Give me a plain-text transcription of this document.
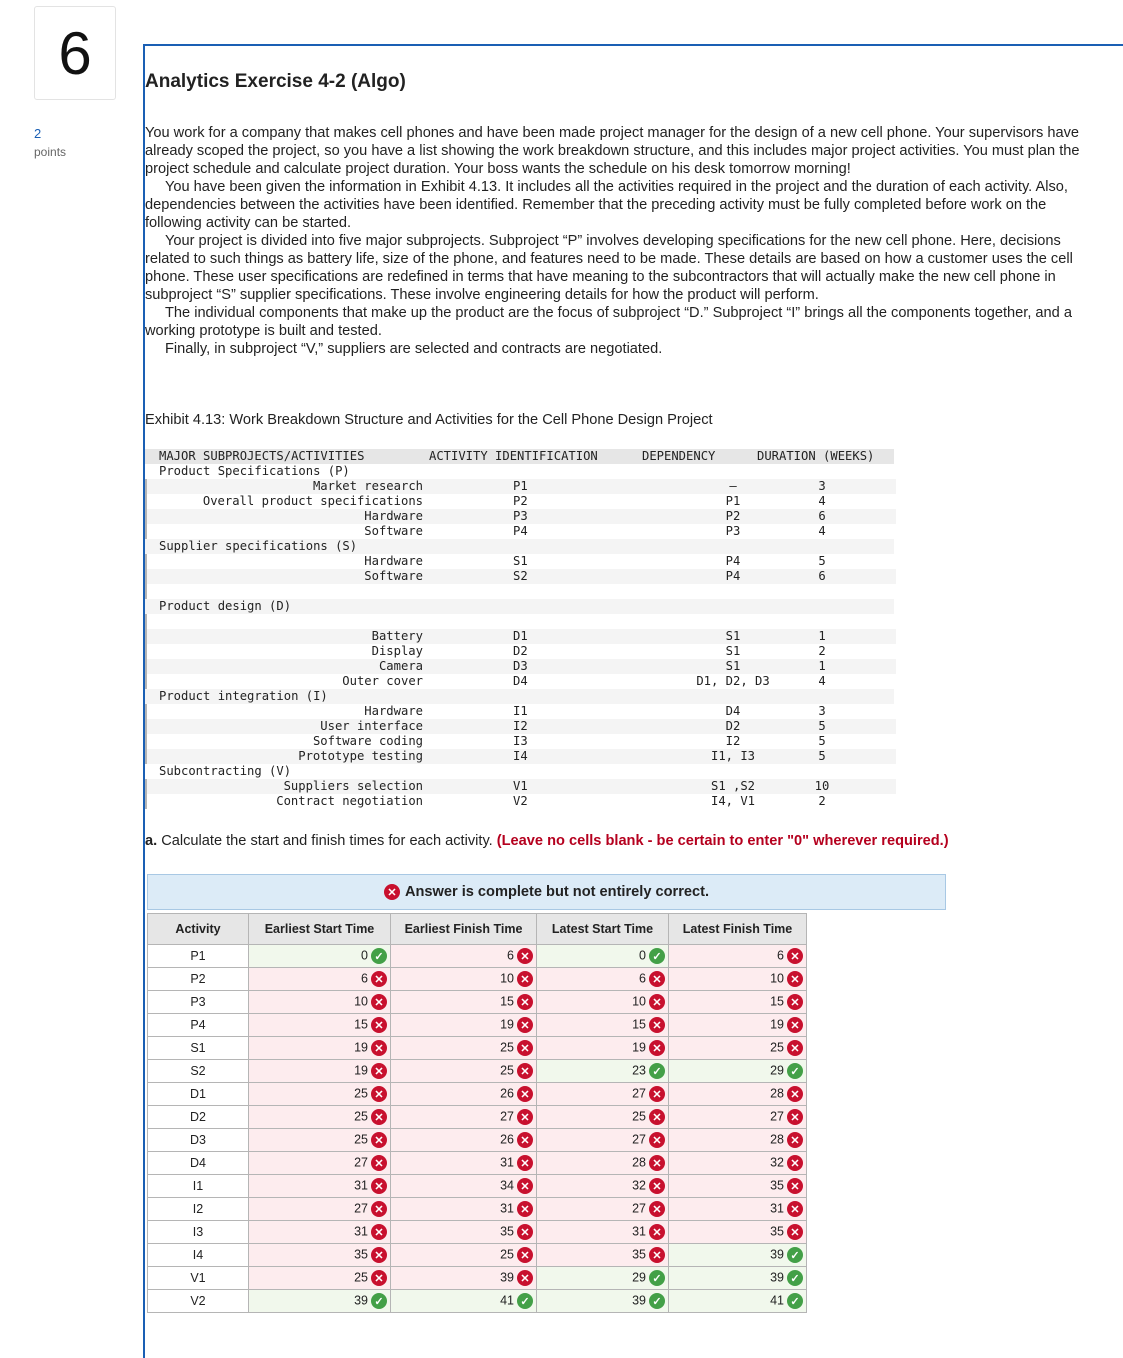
6
2
points
Analytics Exercise 4-2 (Algo)

You work for a company that makes cell phones and have been made project manager for the design of a new cell phone. Your supervisors have already scoped the project, so you have a list showing the work breakdown structure, and this includes major project activities. You must plan the project schedule and calculate project duration. Your boss wants the schedule on his desk tomorrow morning!

You have been given the information in Exhibit 4.13. It includes all the activities required in the project and the duration of each activity. Also, dependencies between the activities have been identified. Remember that the preceding activity must be fully completed before work on the following activity can be started.

Your project is divided into five major subprojects. Subproject “P” involves developing specifications for the new cell phone. Here, decisions related to such things as battery life, size of the phone, and features need to be made. These details are based on how a customer uses the cell phone. These user specifications are redefined in terms that have meaning to the subcontractors that will actually make the new cell phone in subproject “S” supplier specifications. These involve engineering details for how the product will perform.

The individual components that make up the product are the focus of subproject “D.” Subproject “I” brings all the components together, and a working prototype is built and tested.

Finally, in subproject “V,” suppliers are selected and contracts are negotiated.

Exhibit 4.13: Work Breakdown Structure and Activities for the Cell Phone Design Project
MAJOR SUBPROJECTS/ACTIVITIES	ACTIVITY IDENTIFICATION	DEPENDENCY	DURATION (WEEKS)
Product Specifications (P)
Market research	P1	—	3
Overall product specifications	P2	P1	4
Hardware	P3	P2	6
Software	P4	P3	4
Supplier specifications (S)
Hardware	S1	P4	5
Software	S2	P4	6
Product design (D)
Battery	D1	S1	1
Display	D2	S1	2
Camera	D3	S1	1
Outer cover	D4	D1, D2, D3	4
Product integration (I)
Hardware	I1	D4	3
User interface	I2	D2	5
Software coding	I3	I2	5
Prototype testing	I4	I1, I3	5
Subcontracting (V)
Suppliers selection	V1	S1 ,S2	10
Contract negotiation	V2	I4, V1	2
a. Calculate the start and finish times for each activity. (Leave no cells blank - be certain to enter "0" wherever required.)
✕ Answer is complete but not entirely correct.
Activity	Earliest Start Time	Earliest Finish Time	Latest Start Time	Latest Finish Time
P1	0 ✓	6 ✕	0 ✓	6 ✕
P2	6 ✕	10 ✕	6 ✕	10 ✕
P3	10 ✕	15 ✕	10 ✕	15 ✕
P4	15 ✕	19 ✕	15 ✕	19 ✕
S1	19 ✕	25 ✕	19 ✕	25 ✕
S2	19 ✕	25 ✕	23 ✓	29 ✓
D1	25 ✕	26 ✕	27 ✕	28 ✕
D2	25 ✕	27 ✕	25 ✕	27 ✕
D3	25 ✕	26 ✕	27 ✕	28 ✕
D4	27 ✕	31 ✕	28 ✕	32 ✕
I1	31 ✕	34 ✕	32 ✕	35 ✕
I2	27 ✕	31 ✕	27 ✕	31 ✕
I3	31 ✕	35 ✕	31 ✕	35 ✕
I4	35 ✕	25 ✕	35 ✕	39 ✓
V1	25 ✕	39 ✕	29 ✓	39 ✓
V2	39 ✓	41 ✓	39 ✓	41 ✓
